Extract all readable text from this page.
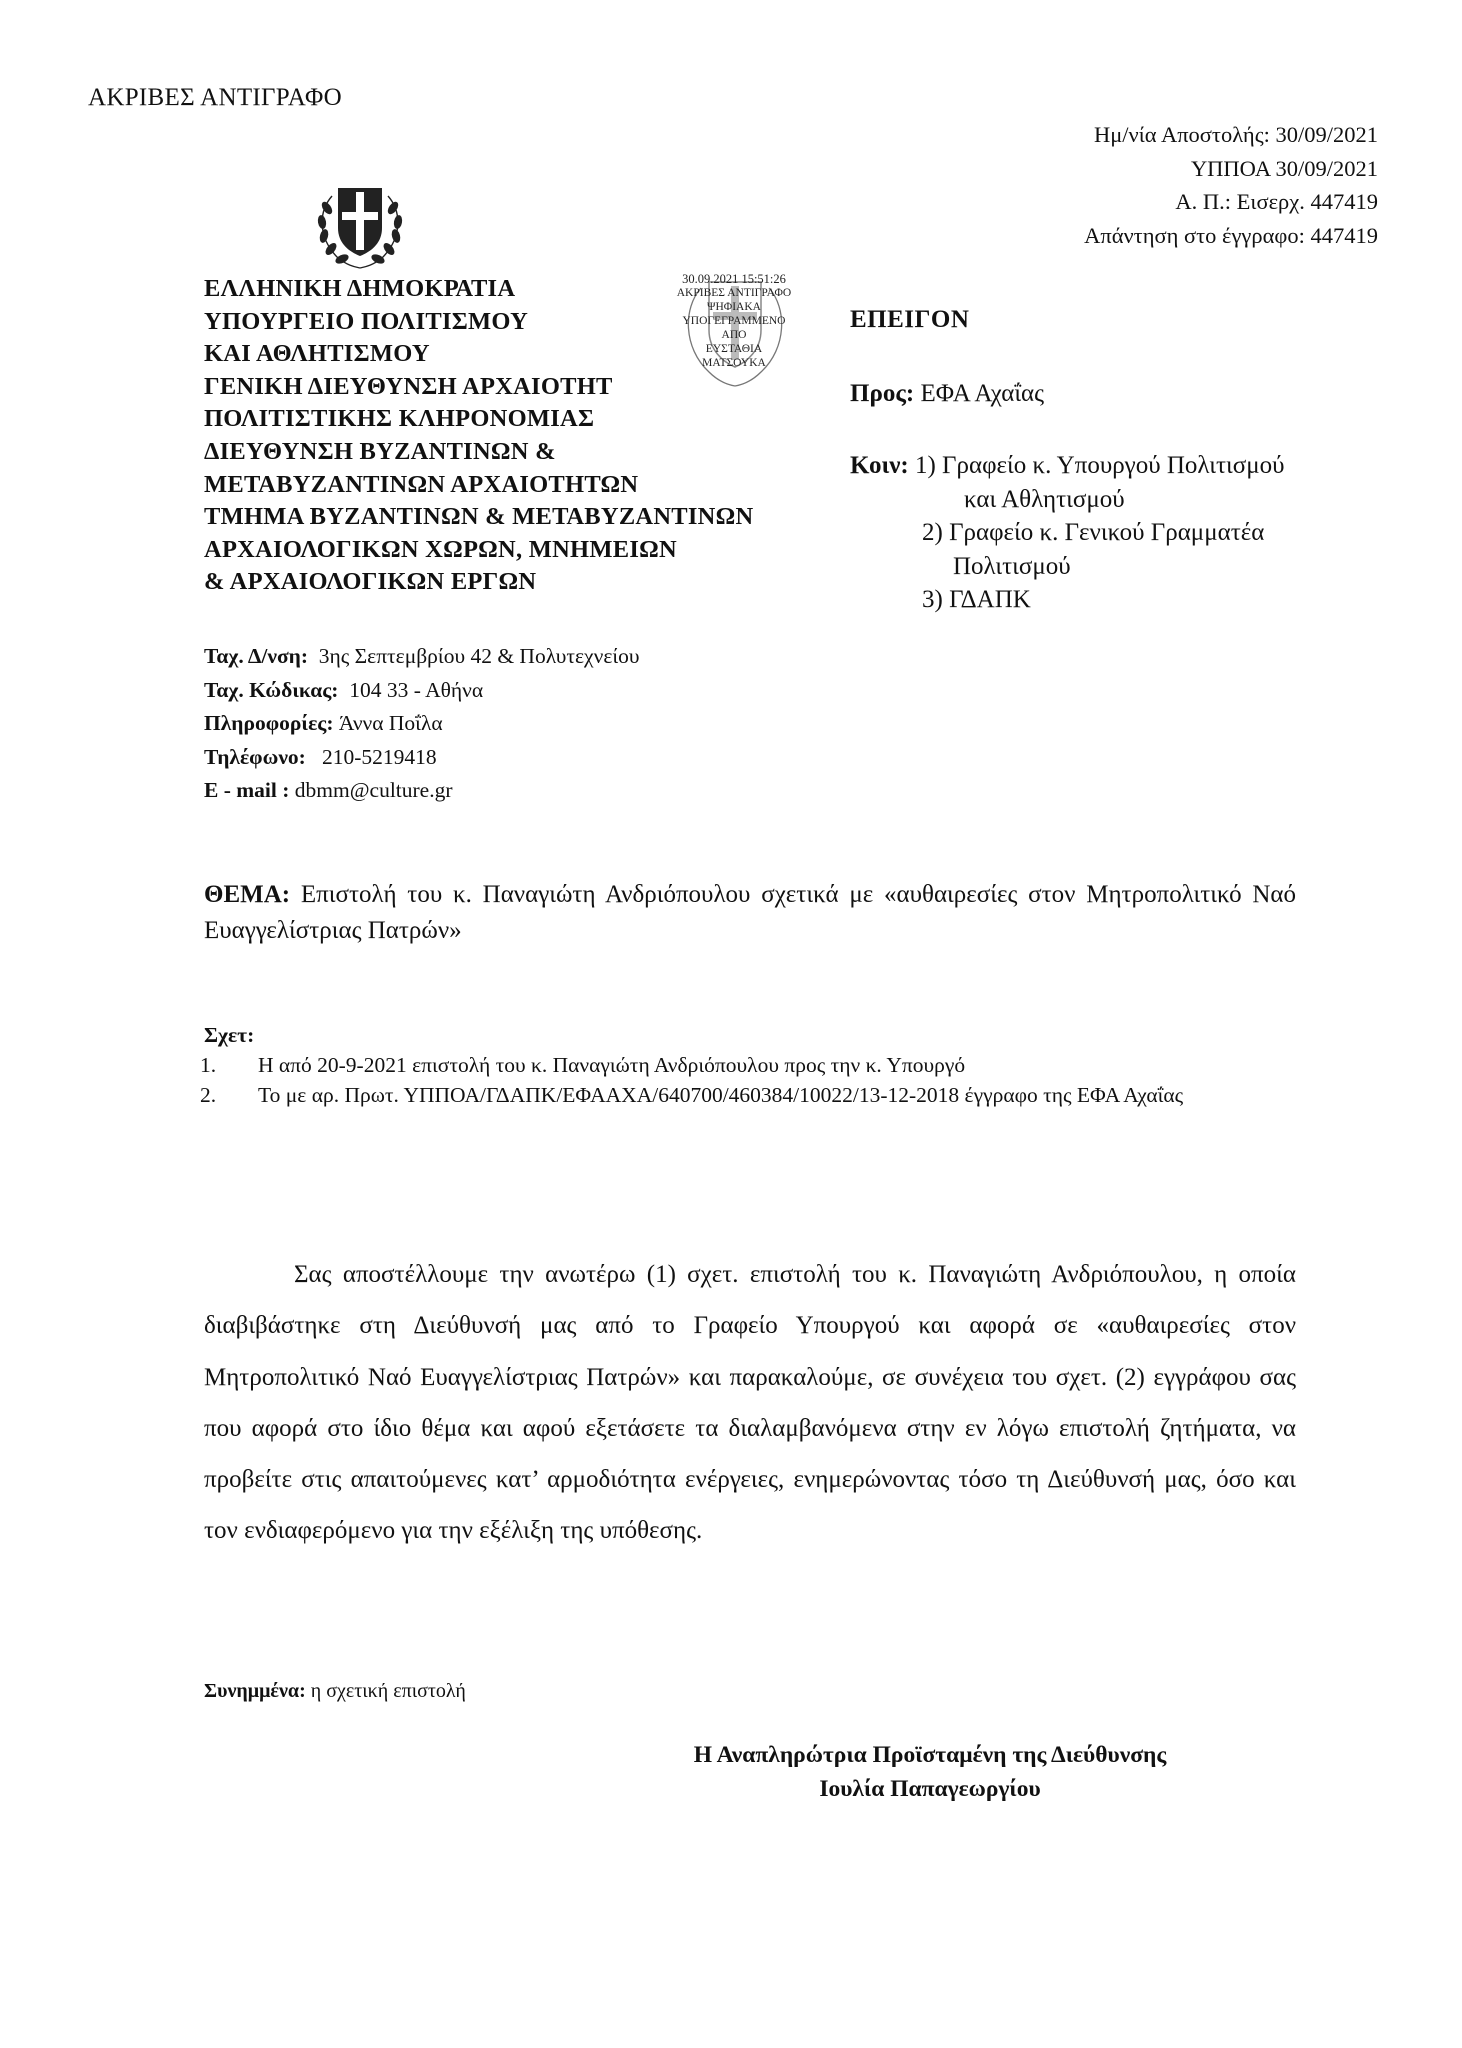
ΑΚΡΙΒΕΣ ΑΝΤΙΓΡΑΦΟ
Ημ/νία Αποστολής: 30/09/2021
ΥΠΠΟΑ 30/09/2021
Α. Π.: Εισερχ. 447419
Απάντηση στο έγγραφο: 447419
ΕΛΛΗΝΙΚΗ ΔΗΜΟΚΡΑΤΙΑ
ΥΠΟΥΡΓΕΙΟ ΠΟΛΙΤΙΣΜΟΥ
ΚΑΙ ΑΘΛΗΤΙΣΜΟΥ
ΓΕΝΙΚΗ ΔΙΕΥΘΥΝΣΗ ΑΡΧΑΙΟΤΗΤ
ΠΟΛΙΤΙΣΤΙΚΗΣ ΚΛΗΡΟΝΟΜΙΑΣ
ΔΙΕΥΘΥΝΣΗ ΒΥΖΑΝΤΙΝΩΝ &
ΜΕΤΑΒΥΖΑΝΤΙΝΩΝ ΑΡΧΑΙΟΤΗΤΩΝ
ΤΜΗΜΑ ΒΥΖΑΝΤΙΝΩΝ & ΜΕΤΑΒΥΖΑΝΤΙΝΩΝ
ΑΡΧΑΙΟΛΟΓΙΚΩΝ ΧΩΡΩΝ, ΜΝΗΜΕΙΩΝ
& ΑΡΧΑΙΟΛΟΓΙΚΩΝ ΕΡΓΩΝ
30.09.2021 15:51:26
ΑΚΡΙΒΕΣ ΑΝΤΙΓΡΑΦΟ
ΨΗΦΙΑΚΑ
ΥΠΟΓΕΓΡΑΜΜΕΝΟ
ΑΠΟ
ΕΥΣΤΑΘΙΑ
ΜΑΤΣΟΥΚΑ
ΕΠΕΙΓΟΝ
Προς: ΕΦΑ Αχαΐας
Κοιν: 1) Γραφείο κ. Υπουργού Πολιτισμού
και Αθλητισμού
2) Γραφείο κ. Γενικού Γραμματέα
Πολιτισμού
3) ΓΔΑΠΚ
Ταχ. Δ/νση: 3ης Σεπτεμβρίου 42 & Πολυτεχνείου
Ταχ. Κώδικας: 104 33 - Αθήνα
Πληροφορίες: Άννα Ποΐλα
Τηλέφωνο: 210-5219418
E - mail : dbmm@culture.gr
ΘΕΜΑ: Επιστολή του κ. Παναγιώτη Ανδριόπουλου σχετικά με «αυθαιρεσίες στον Μητροπολιτικό Ναό Ευαγγελίστριας Πατρών»
Σχετ:
1. Η από 20-9-2021 επιστολή του κ. Παναγιώτη Ανδριόπουλου προς την κ. Υπουργό
2. Το με αρ. Πρωτ. ΥΠΠΟΑ/ΓΔΑΠΚ/ΕΦΑΑΧΑ/640700/460384/10022/13-12-2018 έγγραφο της ΕΦΑ Αχαΐας
Σας αποστέλλουμε την ανωτέρω (1) σχετ. επιστολή του κ. Παναγιώτη Ανδριόπουλου, η οποία διαβιβάστηκε στη Διεύθυνσή μας από το Γραφείο Υπουργού και αφορά σε «αυθαιρεσίες στον Μητροπολιτικό Ναό Ευαγγελίστριας Πατρών» και παρακαλούμε, σε συνέχεια του σχετ. (2) εγγράφου σας που αφορά στο ίδιο θέμα και αφού εξετάσετε τα διαλαμβανόμενα στην εν λόγω επιστολή ζητήματα, να προβείτε στις απαιτούμενες κατ’ αρμοδιότητα ενέργειες, ενημερώνοντας τόσο τη Διεύθυνσή μας, όσο και τον ενδιαφερόμενο για την εξέλιξη της υπόθεσης.
Συνημμένα: η σχετική επιστολή
Η Αναπληρώτρια Προϊσταμένη της Διεύθυνσης
Ιουλία Παπαγεωργίου
